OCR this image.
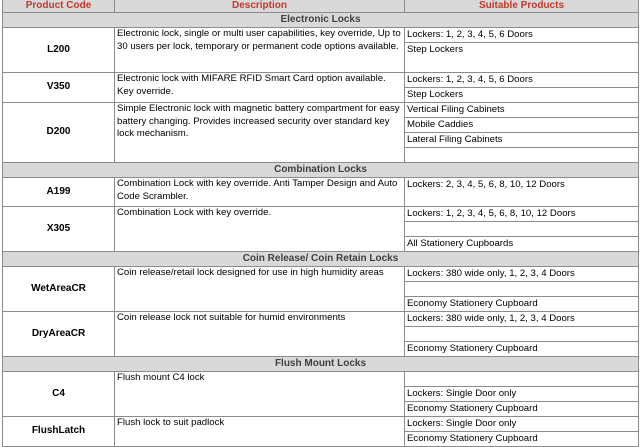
Product Code	Description	Suitable Products
Electronic Locks		
L200	Electronic lock, single or multi user capabilities, key override, Up to 30 users per lock, temporary or permanent code options available.	Lockers: 1, 2, 3, 4, 5, 6 Doors
Step Lockers

V350	Electronic lock with MIFARE RFID Smart Card option available. Key override.	Lockers: 1, 2, 3, 4, 5, 6 Doors
Step Lockers

D200	Simple Electronic lock with magnetic battery compartment for easy battery changing. Provides increased security over standard key lock mechanism.	Vertical Filing Cabinets
Mobile Caddies
Lateral Filing Cabinets

Combination Locks		
A199	Combination Lock with key override. Anti Tamper Design and Auto Code Scrambler.	Lockers: 2, 3, 4, 5, 6, 8, 10, 12 Doors

X305	Combination Lock with key override.	Lockers: 1, 2, 3, 4, 5, 6, 8, 10, 12 Doors
All Stationery Cupboards

Coin Release/ Coin Retain Locks		
WetAreaCR	Coin release/retail lock designed for use in high humidity areas	Lockers: 380 wide only, 1, 2, 3, 4 Doors
Economy Stationery Cupboard

DryAreaCR	Coin release lock not suitable for humid environments	Lockers: 380 wide only, 1, 2, 3, 4 Doors
Economy Stationery Cupboard

Flush Mount Locks		
C4	Flush mount C4 lock	Lockers: Single Door only
Economy Stationery Cupboard

FlushLatch	Flush lock to suit padlock	Lockers: Single Door only
Economy Stationery Cupboard
